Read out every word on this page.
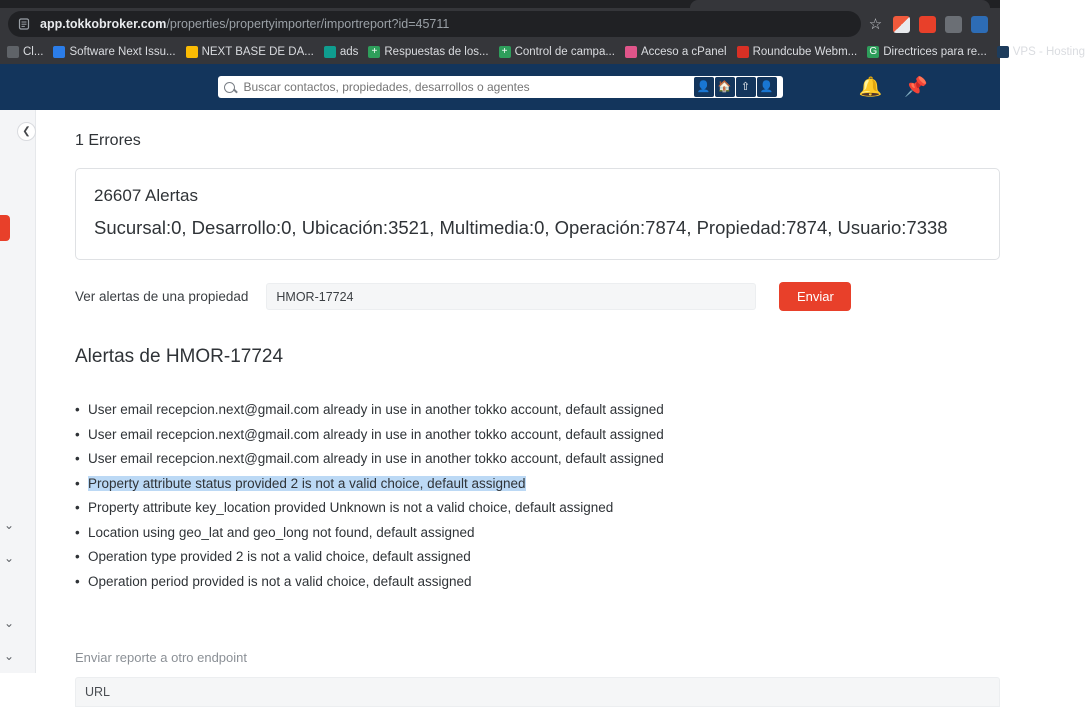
app.tokkobroker.com/properties/propertyimporter/importreport?id=45711	☆
Cl... Software Next Issu... NEXT BASE DE DA... ads	+ Respuestas de los...	+ Control de campa... Acceso a cPanel Roundcube Webm... G Directrices para re... VPS - Hosting
Buscar contactos, propiedades, desarrollos o agentes
👤 🏠 ⇧ 👤	🔔 📌
❮
⌄
⌄
⌄
⌄
1 Errores
26607 Alertas
Sucursal:0, Desarrollo:0, Ubicación:3521, Multimedia:0, Operación:7874, Propiedad:7874, Usuario:7338
Ver alertas de una propiedad
HMOR-17724	Enviar
Alertas de HMOR-17724
• User email recepcion.next@gmail.com already in use in another tokko account, default assigned
• User email recepcion.next@gmail.com already in use in another tokko account, default assigned
• User email recepcion.next@gmail.com already in use in another tokko account, default assigned
• Property attribute status provided 2 is not a valid choice, default assigned
• Property attribute key_location provided Unknown is not a valid choice, default assigned
• Location using geo_lat and geo_long not found, default assigned
• Operation type provided 2 is not a valid choice, default assigned
• Operation period provided is not a valid choice, default assigned
Enviar reporte a otro endpoint
URL
